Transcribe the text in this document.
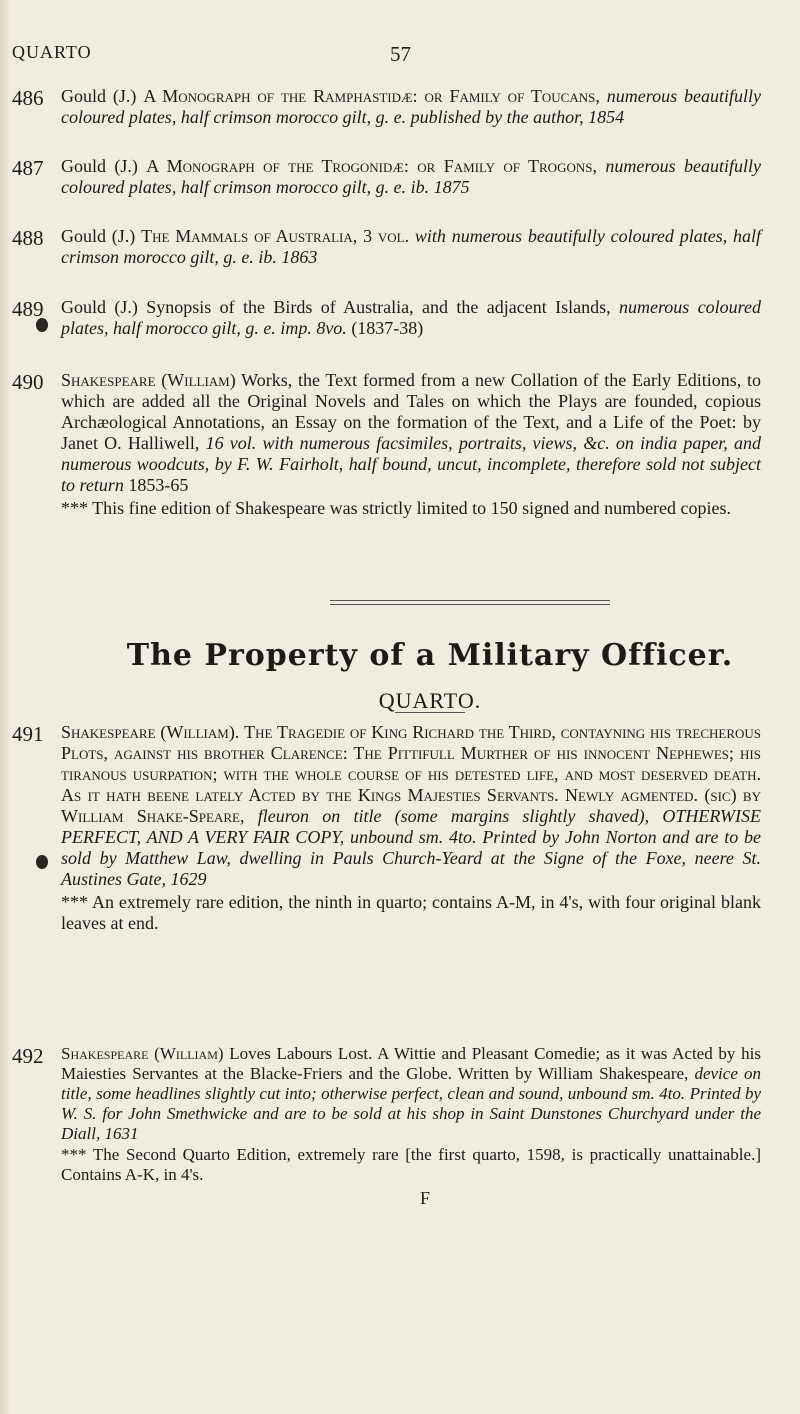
QUARTO	57
486 Gould (J.) A Monograph of the Ramphastidæ: or Family of Toucans, numerous beautifully coloured plates, half crimson morocco gilt, g. e. published by the author, 1854

487 Gould (J.) A Monograph of the Trogonidæ: or Family of Trogons, numerous beautifully coloured plates, half crimson morocco gilt, g. e. ib. 1875

488 Gould (J.) The Mammals of Australia, 3 vol. with numerous beautifully coloured plates, half crimson morocco gilt, g. e. ib. 1863

489 Gould (J.) Synopsis of the Birds of Australia, and the adjacent Islands, numerous coloured plates, half morocco gilt, g. e. imp. 8vo. (1837-38)

490 Shakespeare (William) Works, the Text formed from a new Collation of the Early Editions, to which are added all the Original Novels and Tales on which the Plays are founded, copious Archæological Annotations, an Essay on the formation of the Text, and a Life of the Poet: by Janet O. Halliwell, 16 vol. with numerous facsimiles, portraits, views, &c. on india paper, and numerous woodcuts, by F. W. Fairholt, half bound, uncut, incomplete, therefore sold not subject to return 1853-65

*** This fine edition of Shakespeare was strictly limited to 150 signed and numbered copies.

The Property of a Military Officer.
QUARTO.
491 Shakespeare (William). The Tragedie of King Richard the Third, contayning his trecherous Plots, against his brother Clarence: The Pittifull Murther of his innocent Nephewes; his tiranous usurpation; with the whole course of his detested life, and most deserved death. As it hath beene lately Acted by the Kings Majesties Servants. Newly agmented. (sic) by William Shake-Speare, fleuron on title (some margins slightly shaved), OTHERWISE PERFECT, AND A VERY FAIR COPY, unbound sm. 4to. Printed by John Norton and are to be sold by Matthew Law, dwelling in Pauls Church-Yeard at the Signe of the Foxe, neere St. Austines Gate, 1629

*** An extremely rare edition, the ninth in quarto; contains A-M, in 4's, with four original blank leaves at end.

492 Shakespeare (William) Loves Labours Lost. A Wittie and Pleasant Comedie; as it was Acted by his Maiesties Servantes at the Blacke-Friers and the Globe. Written by William Shakespeare, device on title, some headlines slightly cut into; otherwise perfect, clean and sound, unbound sm. 4to. Printed by W. S. for John Smethwicke and are to be sold at his shop in Saint Dunstones Churchyard under the Diall, 1631

*** The Second Quarto Edition, extremely rare [the first quarto, 1598, is practically unattainable.] Contains A-K, in 4's.

F
